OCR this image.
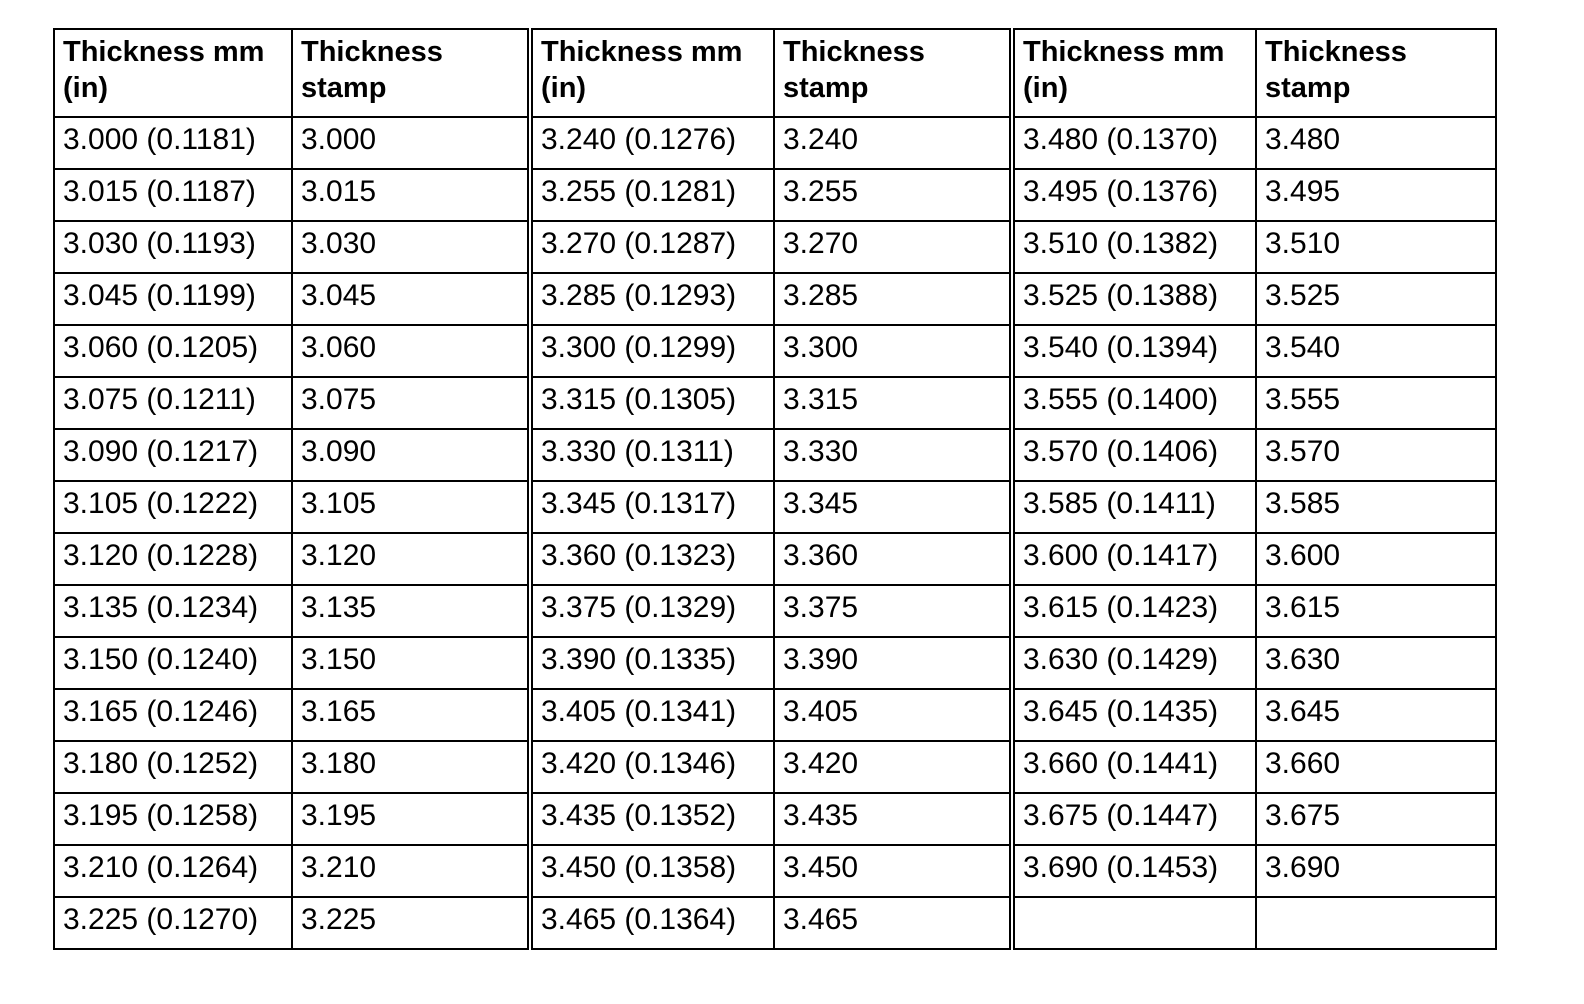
Thickness mm (in)	Thickness stamp	Thickness mm (in)	Thickness stamp	Thickness mm (in)	Thickness stamp
3.000 (0.1181)	3.000	3.240 (0.1276)	3.240	3.480 (0.1370)	3.480
3.015 (0.1187)	3.015	3.255 (0.1281)	3.255	3.495 (0.1376)	3.495
3.030 (0.1193)	3.030	3.270 (0.1287)	3.270	3.510 (0.1382)	3.510
3.045 (0.1199)	3.045	3.285 (0.1293)	3.285	3.525 (0.1388)	3.525
3.060 (0.1205)	3.060	3.300 (0.1299)	3.300	3.540 (0.1394)	3.540
3.075 (0.1211)	3.075	3.315 (0.1305)	3.315	3.555 (0.1400)	3.555
3.090 (0.1217)	3.090	3.330 (0.1311)	3.330	3.570 (0.1406)	3.570
3.105 (0.1222)	3.105	3.345 (0.1317)	3.345	3.585 (0.1411)	3.585
3.120 (0.1228)	3.120	3.360 (0.1323)	3.360	3.600 (0.1417)	3.600
3.135 (0.1234)	3.135	3.375 (0.1329)	3.375	3.615 (0.1423)	3.615
3.150 (0.1240)	3.150	3.390 (0.1335)	3.390	3.630 (0.1429)	3.630
3.165 (0.1246)	3.165	3.405 (0.1341)	3.405	3.645 (0.1435)	3.645
3.180 (0.1252)	3.180	3.420 (0.1346)	3.420	3.660 (0.1441)	3.660
3.195 (0.1258)	3.195	3.435 (0.1352)	3.435	3.675 (0.1447)	3.675
3.210 (0.1264)	3.210	3.450 (0.1358)	3.450	3.690 (0.1453)	3.690
3.225 (0.1270)	3.225	3.465 (0.1364)	3.465		
